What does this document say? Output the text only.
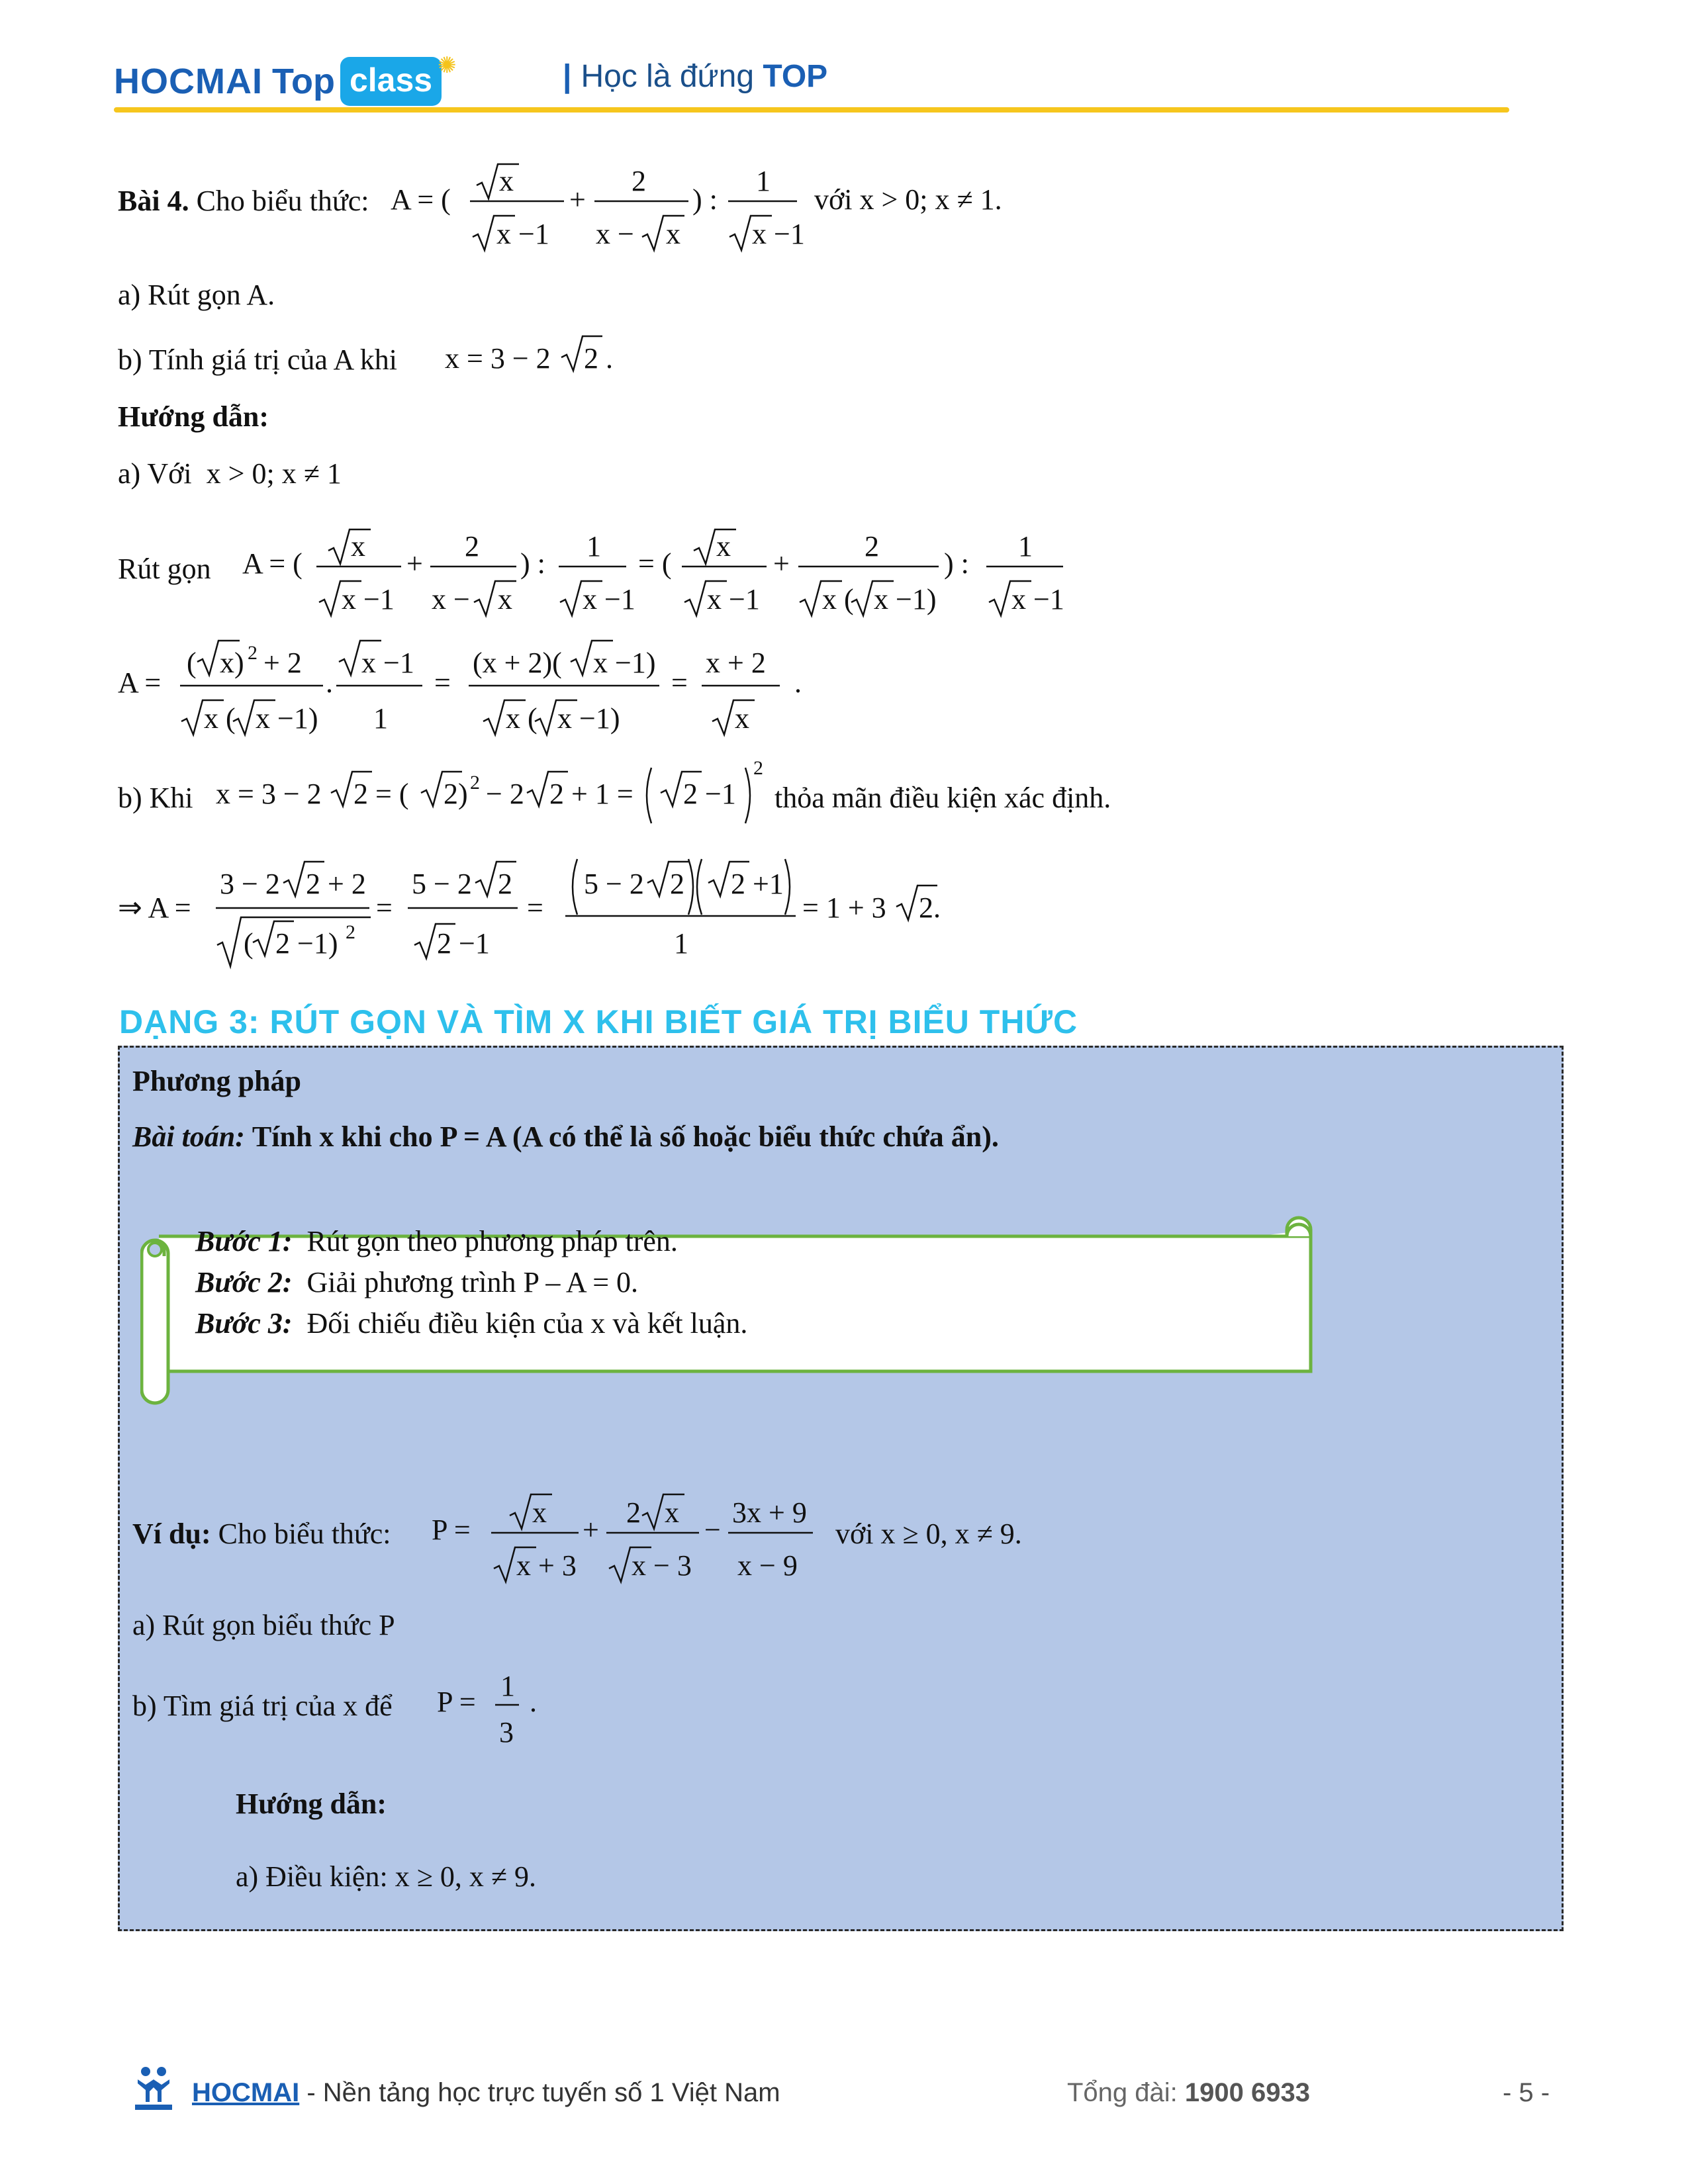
HOCMAI Top class ✺	| Học là đứng TOP
Bài 4. Cho biểu thức: A = (
x
x −1
+
2
x − x
) :
1
x −1
với x > 0; x ≠ 1.
a) Rút gọn A.
b) Tính giá trị của A khi x = 3 − 2 2 .
Hướng dẫn:
a) Với  x > 0; x ≠ 1
Rút gọn A = (
x
x −1
+
2
x − x
) :
1
x −1
= (
x
x −1
+
2
x ( x −1)
) :
1
x −1
A =
( x) 2 + 2
x ( x −1)
.
x −1
1
=
(x + 2)( x −1)
x ( x −1)
=
x + 2
x
.
b) Khi x = 3 − 2 2 = ( 2) 2 − 2 2 + 1 = 2 −1
2
thỏa mãn điều kiện xác định.
⇒ A =
3 − 2 2 + 2
( 2 −1) 2
=
5 − 2 2
2 −1
=
5 − 2 2 2 +1
1
= 1 + 3 2.
DẠNG 3: RÚT GỌN VÀ TÌM X KHI BIẾT GIÁ TRỊ BIỂU THỨC
Phương pháp
Bài toán: Tính x khi cho P = A (A có thể là số hoặc biểu thức chứa ẩn).
Bước 1: Rút gọn theo phương pháp trên.
Bước 2: Giải phương trình P – A = 0.
Bước 3: Đối chiếu điều kiện của x và kết luận.
Ví dụ: Cho biểu thức: P =
x
x + 3
+
2 x
x − 3
−
3x + 9
x − 9
với x ≥ 0, x ≠ 9.
a) Rút gọn biểu thức P
b) Tìm giá trị của x để P = 1
3
.
Hướng dẫn:
a) Điều kiện: x ≥ 0, x ≠ 9.
HOCMAI - Nền tảng học trực tuyến số 1 Việt Nam	Tổng đài: 1900 6933	- 5 -
